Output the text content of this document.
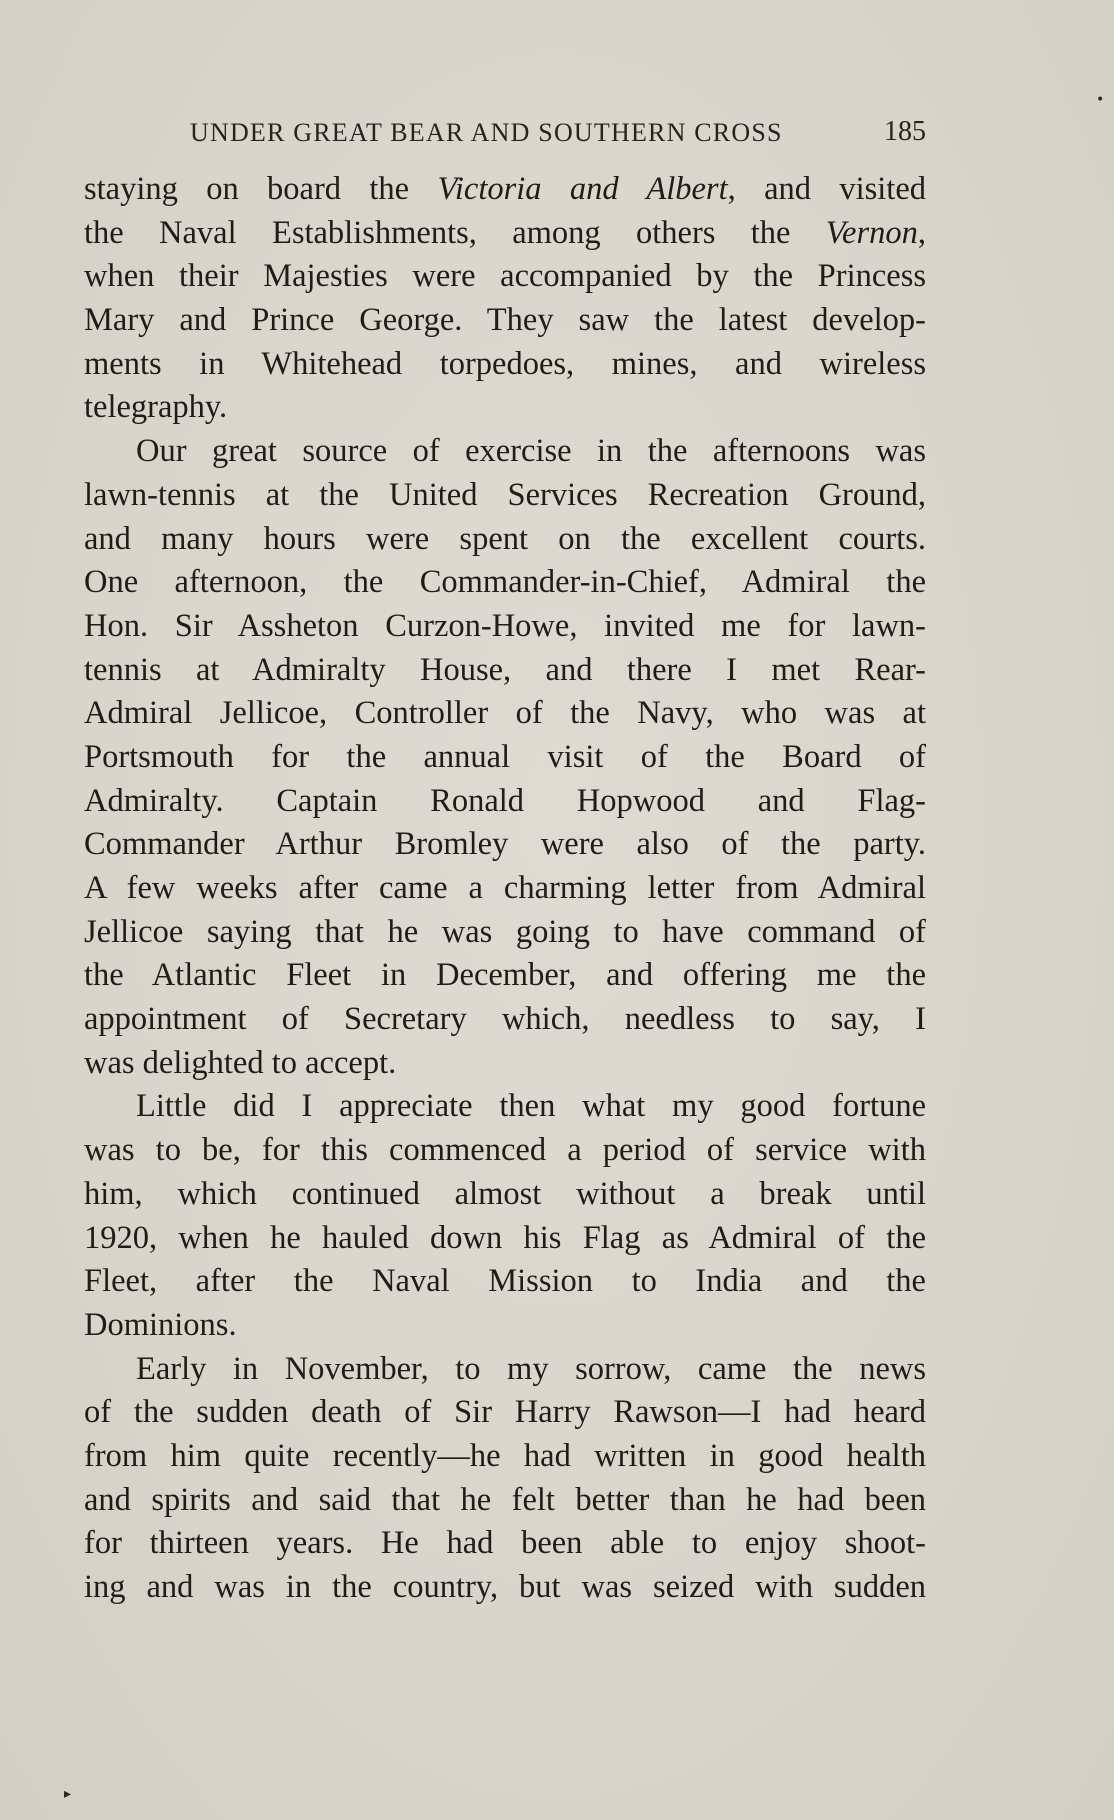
UNDER GREAT BEAR AND SOUTHERN CROSS	185
staying on board the Victoria and Albert, and visited
the Naval Establishments, among others the Vernon,
when their Majesties were accompanied by the Princess
Mary and Prince George. They saw the latest develop-
ments in Whitehead torpedoes, mines, and wireless
telegraphy.
Our great source of exercise in the afternoons was
lawn-tennis at the United Services Recreation Ground,
and many hours were spent on the excellent courts.
One afternoon, the Commander-in-Chief, Admiral the
Hon. Sir Assheton Curzon-Howe, invited me for lawn-
tennis at Admiralty House, and there I met Rear-
Admiral Jellicoe, Controller of the Navy, who was at
Portsmouth for the annual visit of the Board of
Admiralty. Captain Ronald Hopwood and Flag-
Commander Arthur Bromley were also of the party.
A few weeks after came a charming letter from Admiral
Jellicoe saying that he was going to have command of
the Atlantic Fleet in December, and offering me the
appointment of Secretary which, needless to say, I
was delighted to accept.
Little did I appreciate then what my good fortune
was to be, for this commenced a period of service with
him, which continued almost without a break until
1920, when he hauled down his Flag as Admiral of the
Fleet, after the Naval Mission to India and the
Dominions.
Early in November, to my sorrow, came the news
of the sudden death of Sir Harry Rawson—I had heard
from him quite recently—he had written in good health
and spirits and said that he felt better than he had been
for thirteen years. He had been able to enjoy shoot-
ing and was in the country, but was seized with sudden
•
▸
